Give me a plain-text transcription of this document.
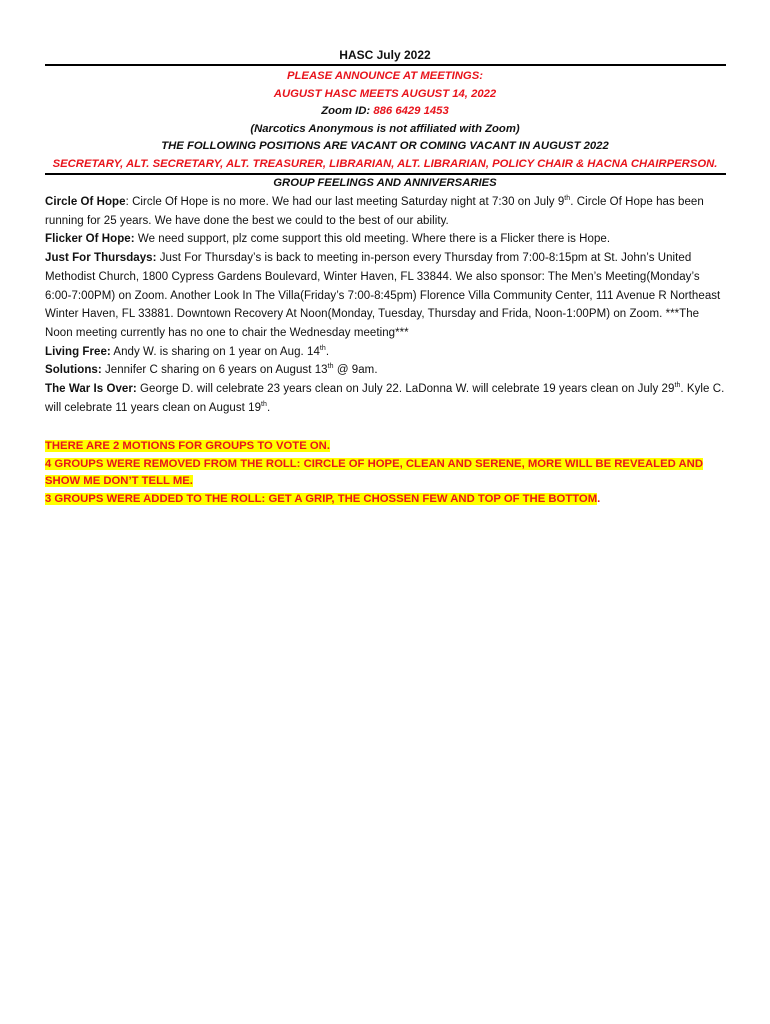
HASC July 2022
PLEASE ANNOUNCE AT MEETINGS:
AUGUST HASC MEETS AUGUST 14, 2022
Zoom ID: 886 6429 1453
(Narcotics Anonymous is not affiliated with Zoom)
THE FOLLOWING POSITIONS ARE VACANT OR COMING VACANT IN AUGUST 2022
SECRETARY, ALT. SECRETARY, ALT. TREASURER, LIBRARIAN, ALT. LIBRARIAN, POLICY CHAIR & HACNA CHAIRPERSON.
GROUP FEELINGS AND ANNIVERSARIES
Circle Of Hope: Circle Of Hope is no more. We had our last meeting Saturday night at 7:30 on July 9th. Circle Of Hope has been running for 25 years. We have done the best we could to the best of our ability.
Flicker Of Hope: We need support, plz come support this old meeting. Where there is a Flicker there is Hope.
Just For Thursdays: Just For Thursday’s is back to meeting in-person every Thursday from 7:00-8:15pm at St. John’s United Methodist Church, 1800 Cypress Gardens Boulevard, Winter Haven, FL 33844. We also sponsor: The Men’s Meeting(Monday’s 6:00-7:00PM) on Zoom. Another Look In The Villa(Friday’s 7:00-8:45pm) Florence Villa Community Center, 111 Avenue R Northeast Winter Haven, FL 33881. Downtown Recovery At Noon(Monday, Tuesday, Thursday and Frida, Noon-1:00PM) on Zoom. ***The Noon meeting currently has no one to chair the Wednesday meeting***
Living Free: Andy W. is sharing on 1 year on Aug. 14th.
Solutions: Jennifer C sharing on 6 years on August 13th @ 9am.
The War Is Over: George D. will celebrate 23 years clean on July 22. LaDonna W. will celebrate 19 years clean on July 29th. Kyle C. will celebrate 11 years clean on August 19th.
THERE ARE 2 MOTIONS FOR GROUPS TO VOTE ON.
4 GROUPS WERE REMOVED FROM THE ROLL: CIRCLE OF HOPE, CLEAN AND SERENE, MORE WILL BE REVEALED AND SHOW ME DON’T TELL ME.
3 GROUPS WERE ADDED TO THE ROLL: GET A GRIP, THE CHOSSEN FEW AND TOP OF THE BOTTOM.
